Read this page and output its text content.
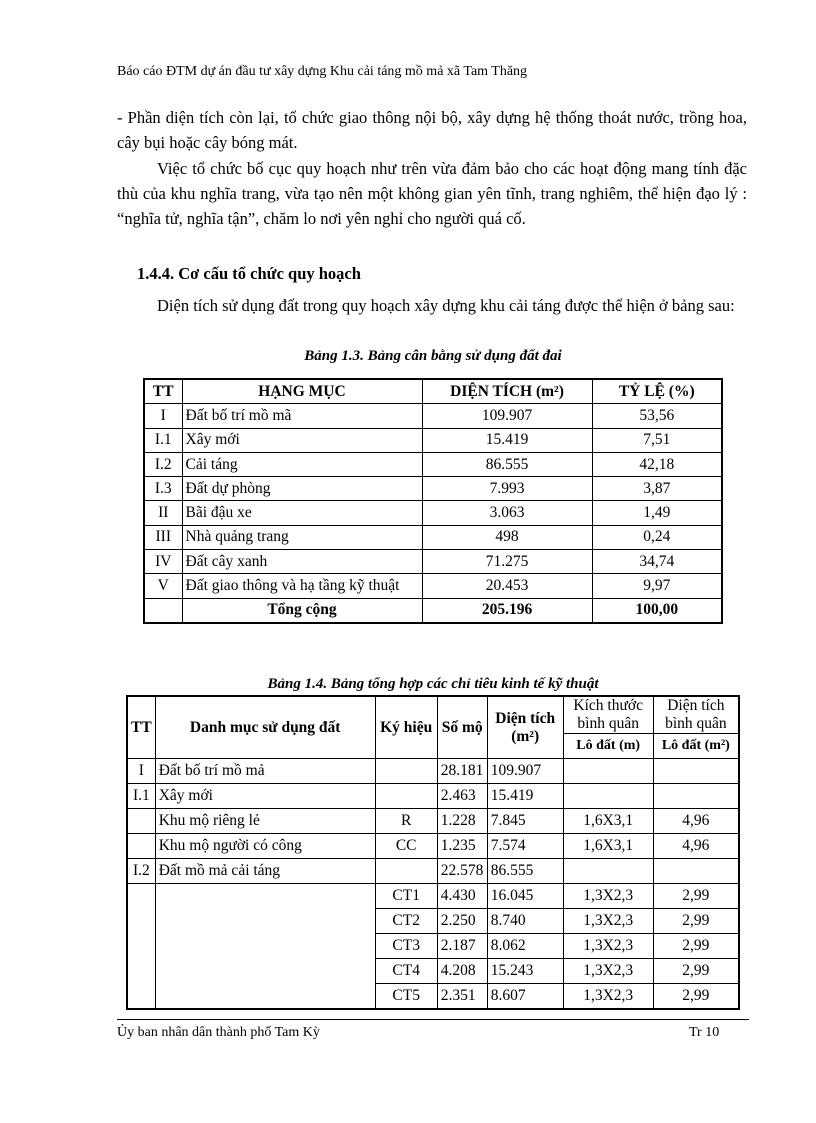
Báo cáo ĐTM dự án đầu tư xây dựng Khu cải táng mồ mả xã Tam Thăng

- Phần diện tích còn lại, tổ chức giao thông nội bộ, xây dựng hệ thống thoát nước, trồng hoa, cây bụi hoặc cây bóng mát.

Việc tổ chức bố cục quy hoạch như trên vừa đảm bảo cho các hoạt động mang tính đặc thù của khu nghĩa trang, vừa tạo nên một không gian yên tĩnh, trang nghiêm, thể hiện đạo lý : “nghĩa tử, nghĩa tận”, chăm lo nơi yên nghỉ cho người quá cố.

1.4.4. Cơ cấu tổ chức quy hoạch

Diện tích sử dụng đất trong quy hoạch xây dựng khu cải táng được thể hiện ở bảng sau:

Bảng 1.3. Bảng cân bằng sử dụng đất đai
TT	HẠNG MỤC	DIỆN TÍCH (m²)	TỶ LỆ (%)
I	Đất bố trí mồ mã	109.907	53,56
I.1	Xây mới	15.419	7,51
I.2	Cải táng	86.555	42,18
I.3	Đất dự phòng	7.993	3,87
II	Bãi đậu xe	3.063	1,49
III	Nhà quảng trang	498	0,24
IV	Đất cây xanh	71.275	34,74
V	Đất giao thông và hạ tầng kỹ thuật	20.453	9,97
	Tổng cộng	205.196	100,00
Bảng 1.4. Bảng tổng hợp các chỉ tiêu kinh tế kỹ thuật
TT	Danh mục sử dụng đất	Ký hiệu	Số mộ	Diện tích (m²)	Kích thước bình quân	Diện tích bình quân
					Lô đất (m)	Lô đất (m²)
I	Đất bố trí mồ mả		28.181	109.907		
I.1	Xây mới		2.463	15.419		
	Khu mộ riêng lẻ	R	1.228	7.845	1,6X3,1	4,96
	Khu mộ người có công	CC	1.235	7.574	1,6X3,1	4,96
I.2	Đất mồ mả cải táng		22.578	86.555		
		CT1	4.430	16.045	1,3X2,3	2,99
		CT2	2.250	8.740	1,3X2,3	2,99
		CT3	2.187	8.062	1,3X2,3	2,99
		CT4	4.208	15.243	1,3X2,3	2,99
		CT5	2.351	8.607	1,3X2,3	2,99
Ủy ban nhân dân thành phố Tam Kỳ	Tr 10
